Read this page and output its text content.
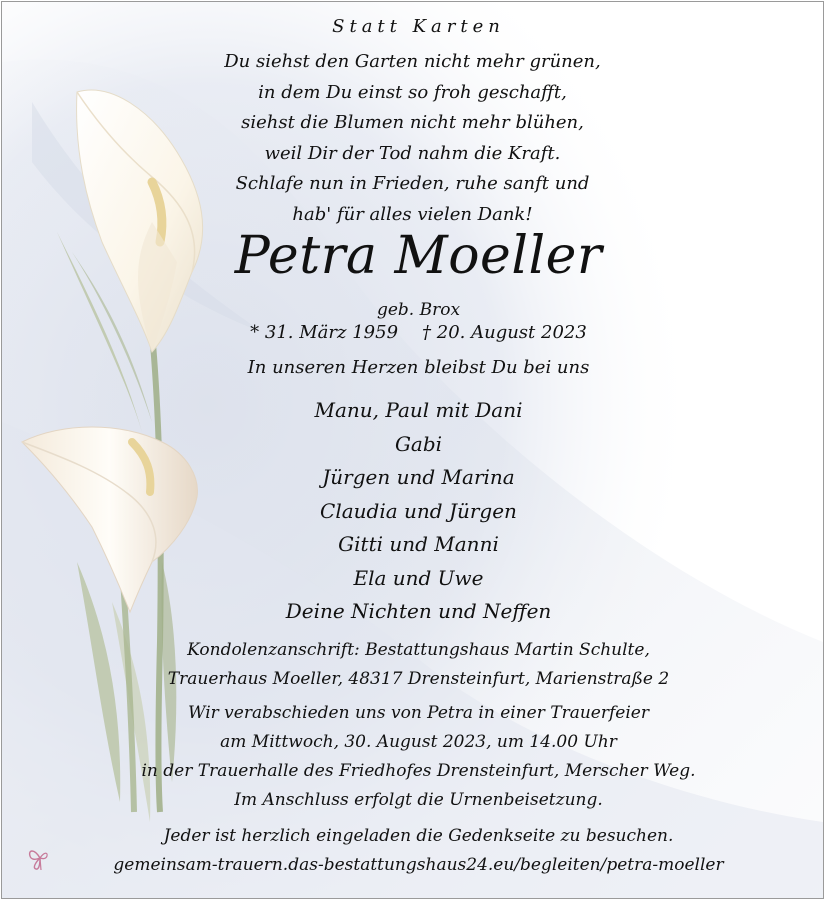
Statt Karten
Du siehst den Garten nicht mehr grünen,
in dem Du einst so froh geschafft,
siehst die Blumen nicht mehr blühen,
weil Dir der Tod nahm die Kraft.
Schlafe nun in Frieden, ruhe sanft und
hab' für alles vielen Dank!
Petra Moeller
geb. Brox
* 31. März 1959 † 20. August 2023
In unseren Herzen bleibst Du bei uns
Manu, Paul mit Dani
Gabi
Jürgen und Marina
Claudia und Jürgen
Gitti und Manni
Ela und Uwe
Deine Nichten und Neffen
Kondolenzanschrift: Bestattungshaus Martin Schulte,
Trauerhaus Moeller, 48317 Drensteinfurt, Marienstraße 2
Wir verabschieden uns von Petra in einer Trauerfeier
am Mittwoch, 30. August 2023, um 14.00 Uhr
in der Trauerhalle des Friedhofes Drensteinfurt, Merscher Weg.
Im Anschluss erfolgt die Urnenbeisetzung.
Jeder ist herzlich eingeladen die Gedenkseite zu besuchen.
gemeinsam-trauern.das-bestattungshaus24.eu/begleiten/petra-moeller
